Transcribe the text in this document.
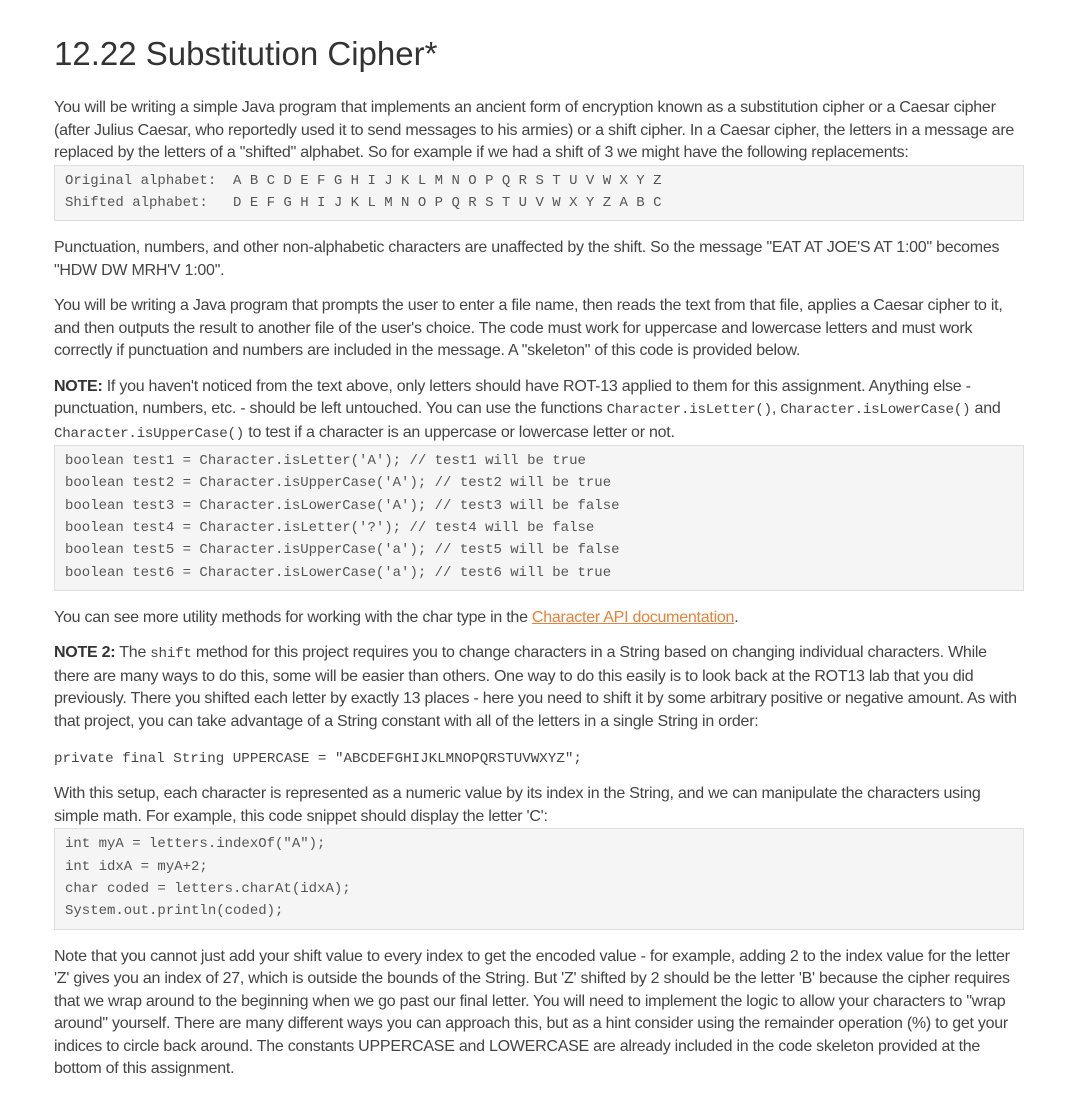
12.22 Substitution Cipher*

You will be writing a simple Java program that implements an ancient form of encryption known as a substitution cipher or a Caesar cipher (after Julius Caesar, who reportedly used it to send messages to his armies) or a shift cipher. In a Caesar cipher, the letters in a message are replaced by the letters of a "shifted" alphabet. So for example if we had a shift of 3 we might have the following replacements:

Original alphabet:  A B C D E F G H I J K L M N O P Q R S T U V W X Y Z
Shifted alphabet:   D E F G H I J K L M N O P Q R S T U V W X Y Z A B C

Punctuation, numbers, and other non-alphabetic characters are unaffected by the shift. So the message "EAT AT JOE'S AT 1:00" becomes "HDW DW MRH'V 1:00".

You will be writing a Java program that prompts the user to enter a file name, then reads the text from that file, applies a Caesar cipher to it, and then outputs the result to another file of the user's choice. The code must work for uppercase and lowercase letters and must work correctly if punctuation and numbers are included in the message. A "skeleton" of this code is provided below.

NOTE: If you haven't noticed from the text above, only letters should have ROT-13 applied to them for this assignment. Anything else - punctuation, numbers, etc. - should be left untouched. You can use the functions Character.isLetter(), Character.isLowerCase() and Character.isUpperCase() to test if a character is an uppercase or lowercase letter or not.

boolean test1 = Character.isLetter('A'); // test1 will be true
boolean test2 = Character.isUpperCase('A'); // test2 will be true
boolean test3 = Character.isLowerCase('A'); // test3 will be false
boolean test4 = Character.isLetter('?'); // test4 will be false
boolean test5 = Character.isUpperCase('a'); // test5 will be false
boolean test6 = Character.isLowerCase('a'); // test6 will be true

You can see more utility methods for working with the char type in the Character API documentation.

NOTE 2: The shift method for this project requires you to change characters in a String based on changing individual characters. While there are many ways to do this, some will be easier than others. One way to do this easily is to look back at the ROT13 lab that you did previously. There you shifted each letter by exactly 13 places - here you need to shift it by some arbitrary positive or negative amount. As with that project, you can take advantage of a String constant with all of the letters in a single String in order:

private final String UPPERCASE = "ABCDEFGHIJKLMNOPQRSTUVWXYZ";

With this setup, each character is represented as a numeric value by its index in the String, and we can manipulate the characters using simple math. For example, this code snippet should display the letter 'C':

int myA = letters.indexOf("A");
int idxA = myA+2;
char coded = letters.charAt(idxA);
System.out.println(coded);

Note that you cannot just add your shift value to every index to get the encoded value - for example, adding 2 to the index value for the letter 'Z' gives you an index of 27, which is outside the bounds of the String. But 'Z' shifted by 2 should be the letter 'B' because the cipher requires that we wrap around to the beginning when we go past our final letter. You will need to implement the logic to allow your characters to "wrap around" yourself. There are many different ways you can approach this, but as a hint consider using the remainder operation (%) to get your indices to circle back around. The constants UPPERCASE and LOWERCASE are already included in the code skeleton provided at the bottom of this assignment.
